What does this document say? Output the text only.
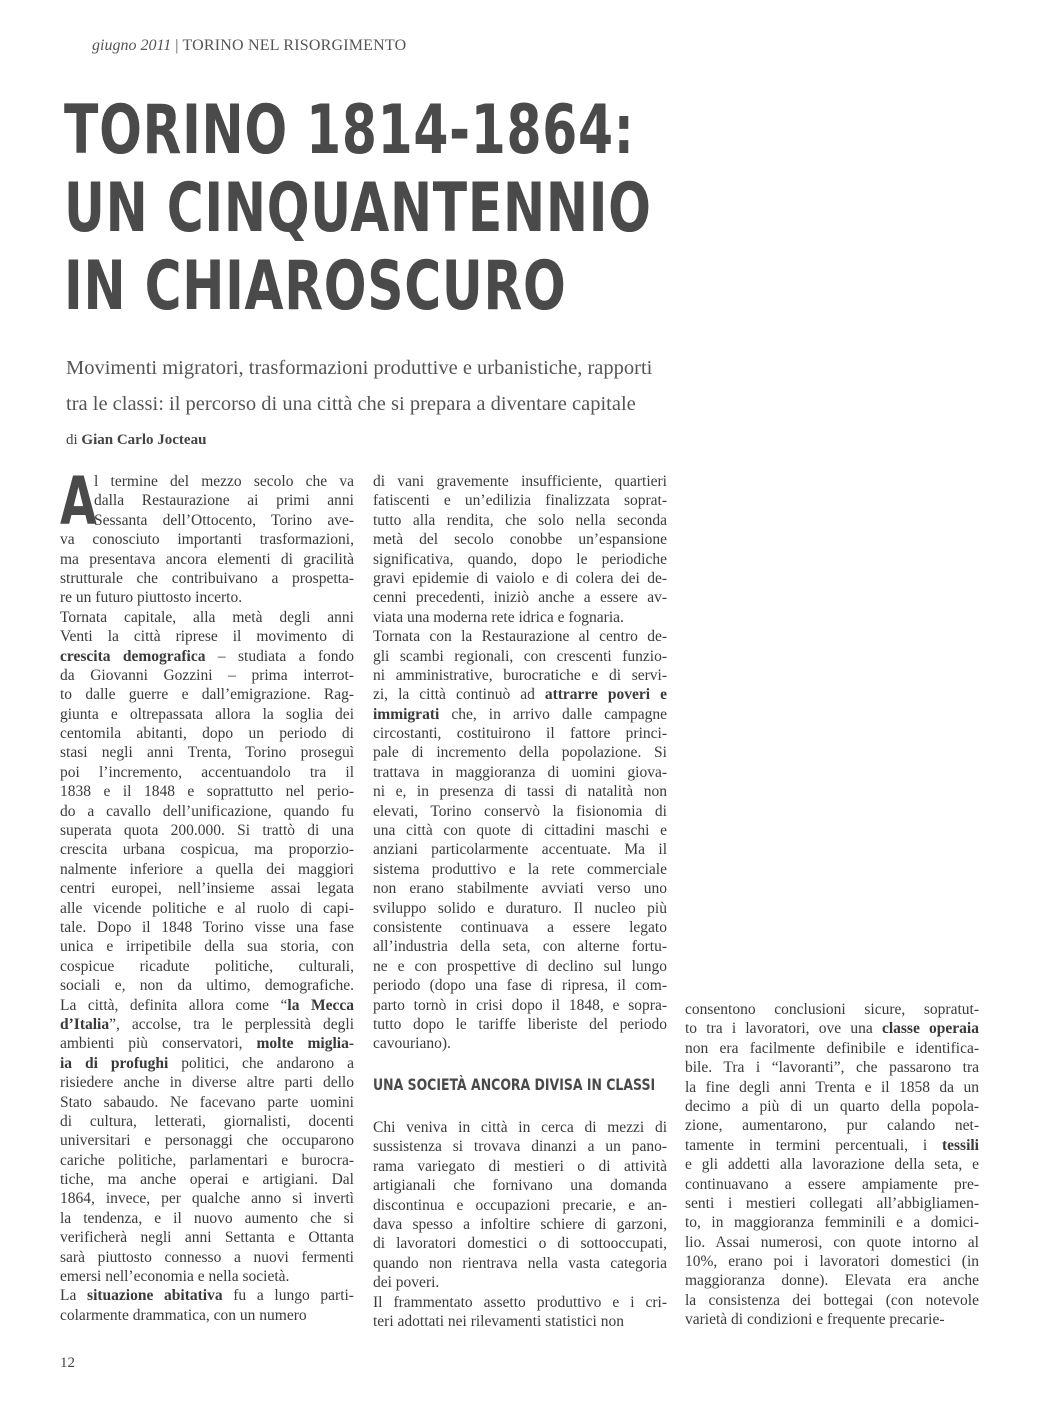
giugno 2011 | TORINO NEL RISORGIMENTO
TORINO 1814-1864:
UN CINQUANTENNIO
IN CHIAROSCURO

Movimenti migratori, trasformazioni produttive e urbanistiche, rapporti
tra le classi: il percorso di una città che si prepara a diventare capitale

di Gian Carlo Jocteau
A
l termine del mezzo secolo che va
dalla Restaurazione ai primi anni
Sessanta dell’Ottocento, Torino ave-
va conosciuto importanti trasformazioni,
ma presentava ancora elementi di gracilità
strutturale che contribuivano a prospetta-
re un futuro piuttosto incerto.
Tornata capitale, alla metà degli anni
Venti la città riprese il movimento di
crescita demografica – studiata a fondo
da Giovanni Gozzini – prima interrot-
to dalle guerre e dall’emigrazione. Rag-
giunta e oltrepassata allora la soglia dei
centomila abitanti, dopo un periodo di
stasi negli anni Trenta, Torino proseguì
poi l’incremento, accentuandolo tra il
1838 e il 1848 e soprattutto nel perio-
do a cavallo dell’unificazione, quando fu
superata quota 200.000. Si trattò di una
crescita urbana cospicua, ma proporzio-
nalmente inferiore a quella dei maggiori
centri europei, nell’insieme assai legata
alle vicende politiche e al ruolo di capi-
tale. Dopo il 1848 Torino visse una fase
unica e irripetibile della sua storia, con
cospicue ricadute politiche, culturali,
sociali e, non da ultimo, demografiche.
La città, definita allora come “la Mecca
d’Italia”, accolse, tra le perplessità degli
ambienti più conservatori, molte miglia-
ia di profughi politici, che andarono a
risiedere anche in diverse altre parti dello
Stato sabaudo. Ne facevano parte uomini
di cultura, letterati, giornalisti, docenti
universitari e personaggi che occuparono
cariche politiche, parlamentari e burocra-
tiche, ma anche operai e artigiani. Dal
1864, invece, per qualche anno si invertì
la tendenza, e il nuovo aumento che si
verificherà negli anni Settanta e Ottanta
sarà piuttosto connesso a nuovi fermenti
emersi nell’economia e nella società.
La situazione abitativa fu a lungo parti-
colarmente drammatica, con un numero
di vani gravemente insufficiente, quartieri
fatiscenti e un’edilizia finalizzata soprat-
tutto alla rendita, che solo nella seconda
metà del secolo conobbe un’espansione
significativa, quando, dopo le periodiche
gravi epidemie di vaiolo e di colera dei de-
cenni precedenti, iniziò anche a essere av-
viata una moderna rete idrica e fognaria.
Tornata con la Restaurazione al centro de-
gli scambi regionali, con crescenti funzio-
ni amministrative, burocratiche e di servi-
zi, la città continuò ad attrarre poveri e
immigrati che, in arrivo dalle campagne
circostanti, costituirono il fattore princi-
pale di incremento della popolazione. Si
trattava in maggioranza di uomini giova-
ni e, in presenza di tassi di natalità non
elevati, Torino conservò la fisionomia di
una città con quote di cittadini maschi e
anziani particolarmente accentuate. Ma il
sistema produttivo e la rete commerciale
non erano stabilmente avviati verso uno
sviluppo solido e duraturo. Il nucleo più
consistente continuava a essere legato
all’industria della seta, con alterne fortu-
ne e con prospettive di declino sul lungo
periodo (dopo una fase di ripresa, il com-
parto tornò in crisi dopo il 1848, e sopra-
tutto dopo le tariffe liberiste del periodo
cavouriano).
UNA SOCIETÀ ANCORA DIVISA IN CLASSI
Chi veniva in città in cerca di mezzi di
sussistenza si trovava dinanzi a un pano-
rama variegato di mestieri o di attività
artigianali che fornivano una domanda
discontinua e occupazioni precarie, e an-
dava spesso a infoltire schiere di garzoni,
di lavoratori domestici o di sottooccupati,
quando non rientrava nella vasta categoria
dei poveri.
Il frammentato assetto produttivo e i cri-
teri adottati nei rilevamenti statistici non
consentono conclusioni sicure, sopratut-
to tra i lavoratori, ove una classe operaia
non era facilmente definibile e identifica-
bile. Tra i “lavoranti”, che passarono tra
la fine degli anni Trenta e il 1858 da un
decimo a più di un quarto della popola-
zione, aumentarono, pur calando net-
tamente in termini percentuali, i tessili
e gli addetti alla lavorazione della seta, e
continuavano a essere ampiamente pre-
senti i mestieri collegati all’abbigliamen-
to, in maggioranza femminili e a domici-
lio. Assai numerosi, con quote intorno al
10%, erano poi i lavoratori domestici (in
maggioranza donne). Elevata era anche
la consistenza dei bottegai (con notevole
varietà di condizioni e frequente precarie-
12
